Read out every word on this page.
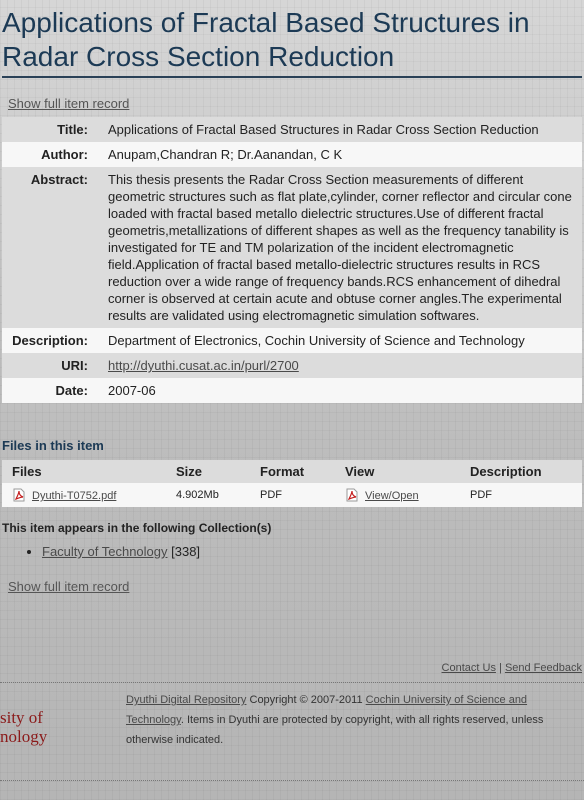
Applications of Fractal Based Structures in Radar Cross Section Reduction
Show full item record
Title:	Applications of Fractal Based Structures in Radar Cross Section Reduction
Author:	Anupam,Chandran R; Dr.Aanandan, C K
Abstract:	This thesis presents the Radar Cross Section measurements of different geometric structures such as flat plate,cylinder, corner reflector and circular cone loaded with fractal based metallo dielectric structures.Use of different fractal geometris,metallizations of different shapes as well as the frequency tanability is investigated for TE and TM polarization of the incident electromagnetic field.Application of fractal based metallo-dielectric structures results in RCS reduction over a wide range of frequency bands.RCS enhancement of dihedral corner is observed at certain acute and obtuse corner angles.The experimental results are validated using electromagnetic simulation softwares.
Description:	Department of Electronics, Cochin University of Science and Technology
URI:	http://dyuthi.cusat.ac.in/purl/2700
Date:	2007-06
Files in this item
Files	Size	Format	View	Description
Dyuthi-T0752.pdf	4.902Mb	PDF	View/Open	PDF
This item appears in the following Collection(s)
• Faculty of Technology [338]
Show full item record
Contact Us | Send Feedback
sity of
nology
Dyuthi Digital Repository Copyright © 2007-2011 Cochin University of Science and Technology. Items in Dyuthi are protected by copyright, with all rights reserved, unless otherwise indicated.
